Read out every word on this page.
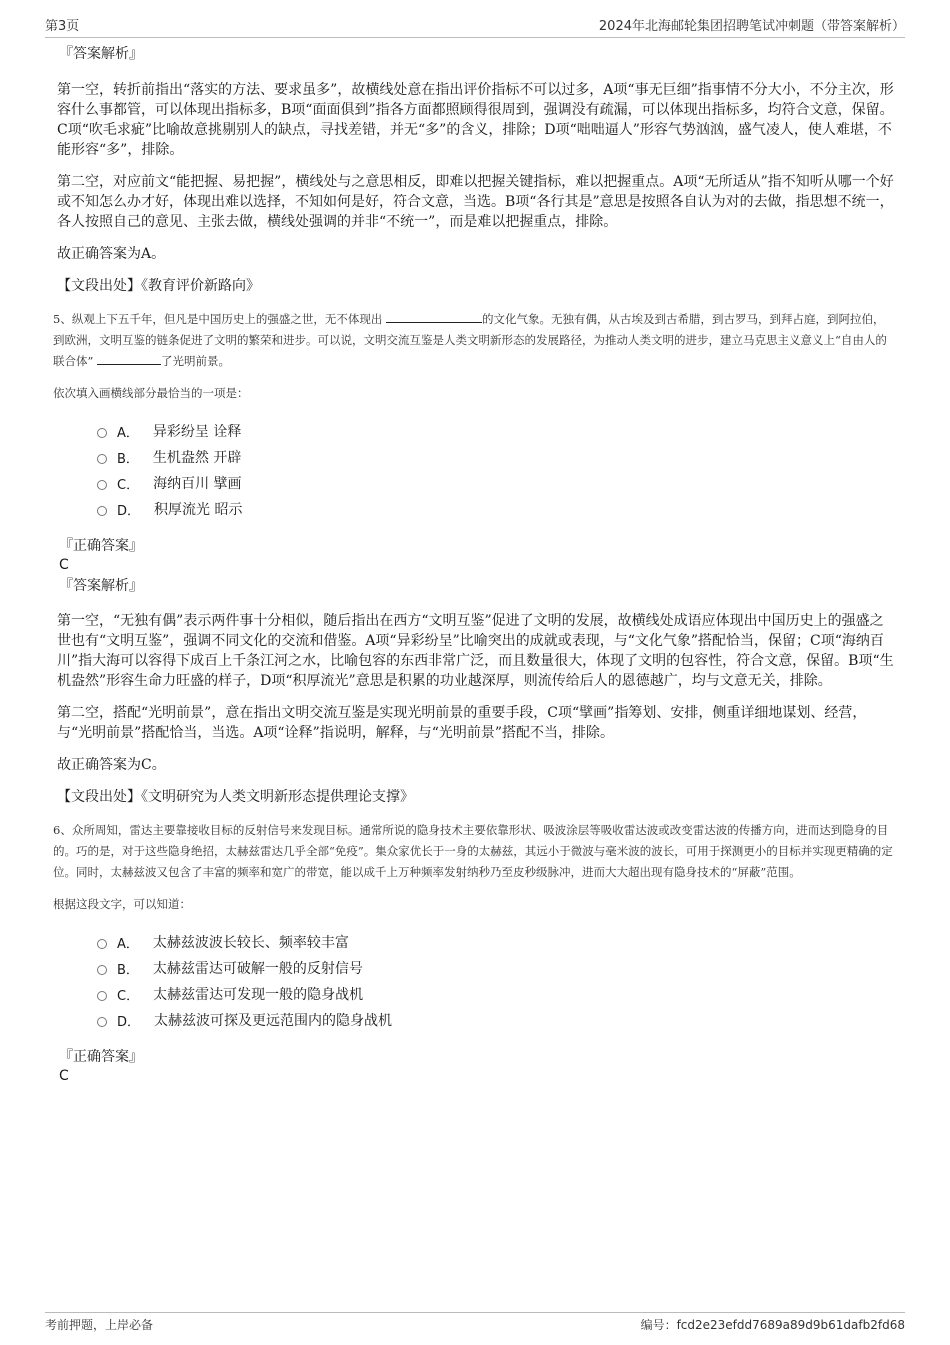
第3页	2024年北海邮轮集团招聘笔试冲刺题（带答案解析）

『答案解析』

第一空，转折前指出“落实的方法、要求虽多”，故横线处意在指出评价指标不可以过多，A项“事无巨细”指事情不分大小，不分主次，形容什么事都管，可以体现出指标多，B项“面面俱到”指各方面都照顾得很周到，强调没有疏漏，可以体现出指标多，均符合文意，保留。C项“吹毛求疵”比喻故意挑剔别人的缺点，寻找差错，并无“多”的含义，排除；D项“咄咄逼人”形容气势汹汹，盛气凌人，使人难堪，不能形容“多”，排除。

第二空，对应前文“能把握、易把握”，横线处与之意思相反，即难以把握关键指标，难以把握重点。A项“无所适从”指不知听从哪一个好或不知怎么办才好，体现出难以选择，不知如何是好，符合文意，当选。B项“各行其是”意思是按照各自认为对的去做，指思想不统一，各人按照自己的意见、主张去做，横线处强调的并非“不统一”，而是难以把握重点，排除。

故正确答案为A。

【文段出处】《教育评价新路向》

5、纵观上下五千年，但凡是中国历史上的强盛之世，无不体现出	的文化气象。无独有偶，从古埃及到古希腊，到古罗马，到拜占庭，到阿拉伯，到欧洲，文明互鉴的链条促进了文明的繁荣和进步。可以说，文明交流互鉴是人类文明新形态的发展路径，为推动人类文明的进步，建立马克思主义意义上“自由人的联合体”	了光明前景。

依次填入画横线部分最恰当的一项是：

A． 异彩纷呈 诠释
B． 生机盎然 开辟
C． 海纳百川 擘画
D． 积厚流光 昭示

『正确答案』

C

『答案解析』

第一空，“无独有偶”表示两件事十分相似，随后指出在西方“文明互鉴”促进了文明的发展，故横线处成语应体现出中国历史上的强盛之世也有“文明互鉴”，强调不同文化的交流和借鉴。A项“异彩纷呈”比喻突出的成就或表现，与“文化气象”搭配恰当，保留；C项“海纳百川”指大海可以容得下成百上千条江河之水，比喻包容的东西非常广泛，而且数量很大，体现了文明的包容性，符合文意，保留。B项“生机盎然”形容生命力旺盛的样子，D项“积厚流光”意思是积累的功业越深厚，则流传给后人的恩德越广，均与文意无关，排除。

第二空，搭配“光明前景”，意在指出文明交流互鉴是实现光明前景的重要手段，C项“擘画”指筹划、安排，侧重详细地谋划、经营，与“光明前景”搭配恰当，当选。A项“诠释”指说明，解释，与“光明前景”搭配不当，排除。

故正确答案为C。

【文段出处】《文明研究为人类文明新形态提供理论支撑》

6、众所周知，雷达主要靠接收目标的反射信号来发现目标。通常所说的隐身技术主要依靠形状、吸波涂层等吸收雷达波或改变雷达波的传播方向，进而达到隐身的目的。巧的是，对于这些隐身绝招，太赫兹雷达几乎全部“免疫”。集众家优长于一身的太赫兹，其远小于微波与毫米波的波长，可用于探测更小的目标并实现更精确的定位。同时，太赫兹波又包含了丰富的频率和宽广的带宽，能以成千上万种频率发射纳秒乃至皮秒级脉冲，进而大大超出现有隐身技术的“屏蔽”范围。

根据这段文字，可以知道：

A． 太赫兹波波长较长、频率较丰富
B． 太赫兹雷达可破解一般的反射信号
C． 太赫兹雷达可发现一般的隐身战机
D． 太赫兹波可探及更远范围内的隐身战机

『正确答案』

C

考前押题，上岸必备	编号：fcd2e23efdd7689a89d9b61dafb2fd68
